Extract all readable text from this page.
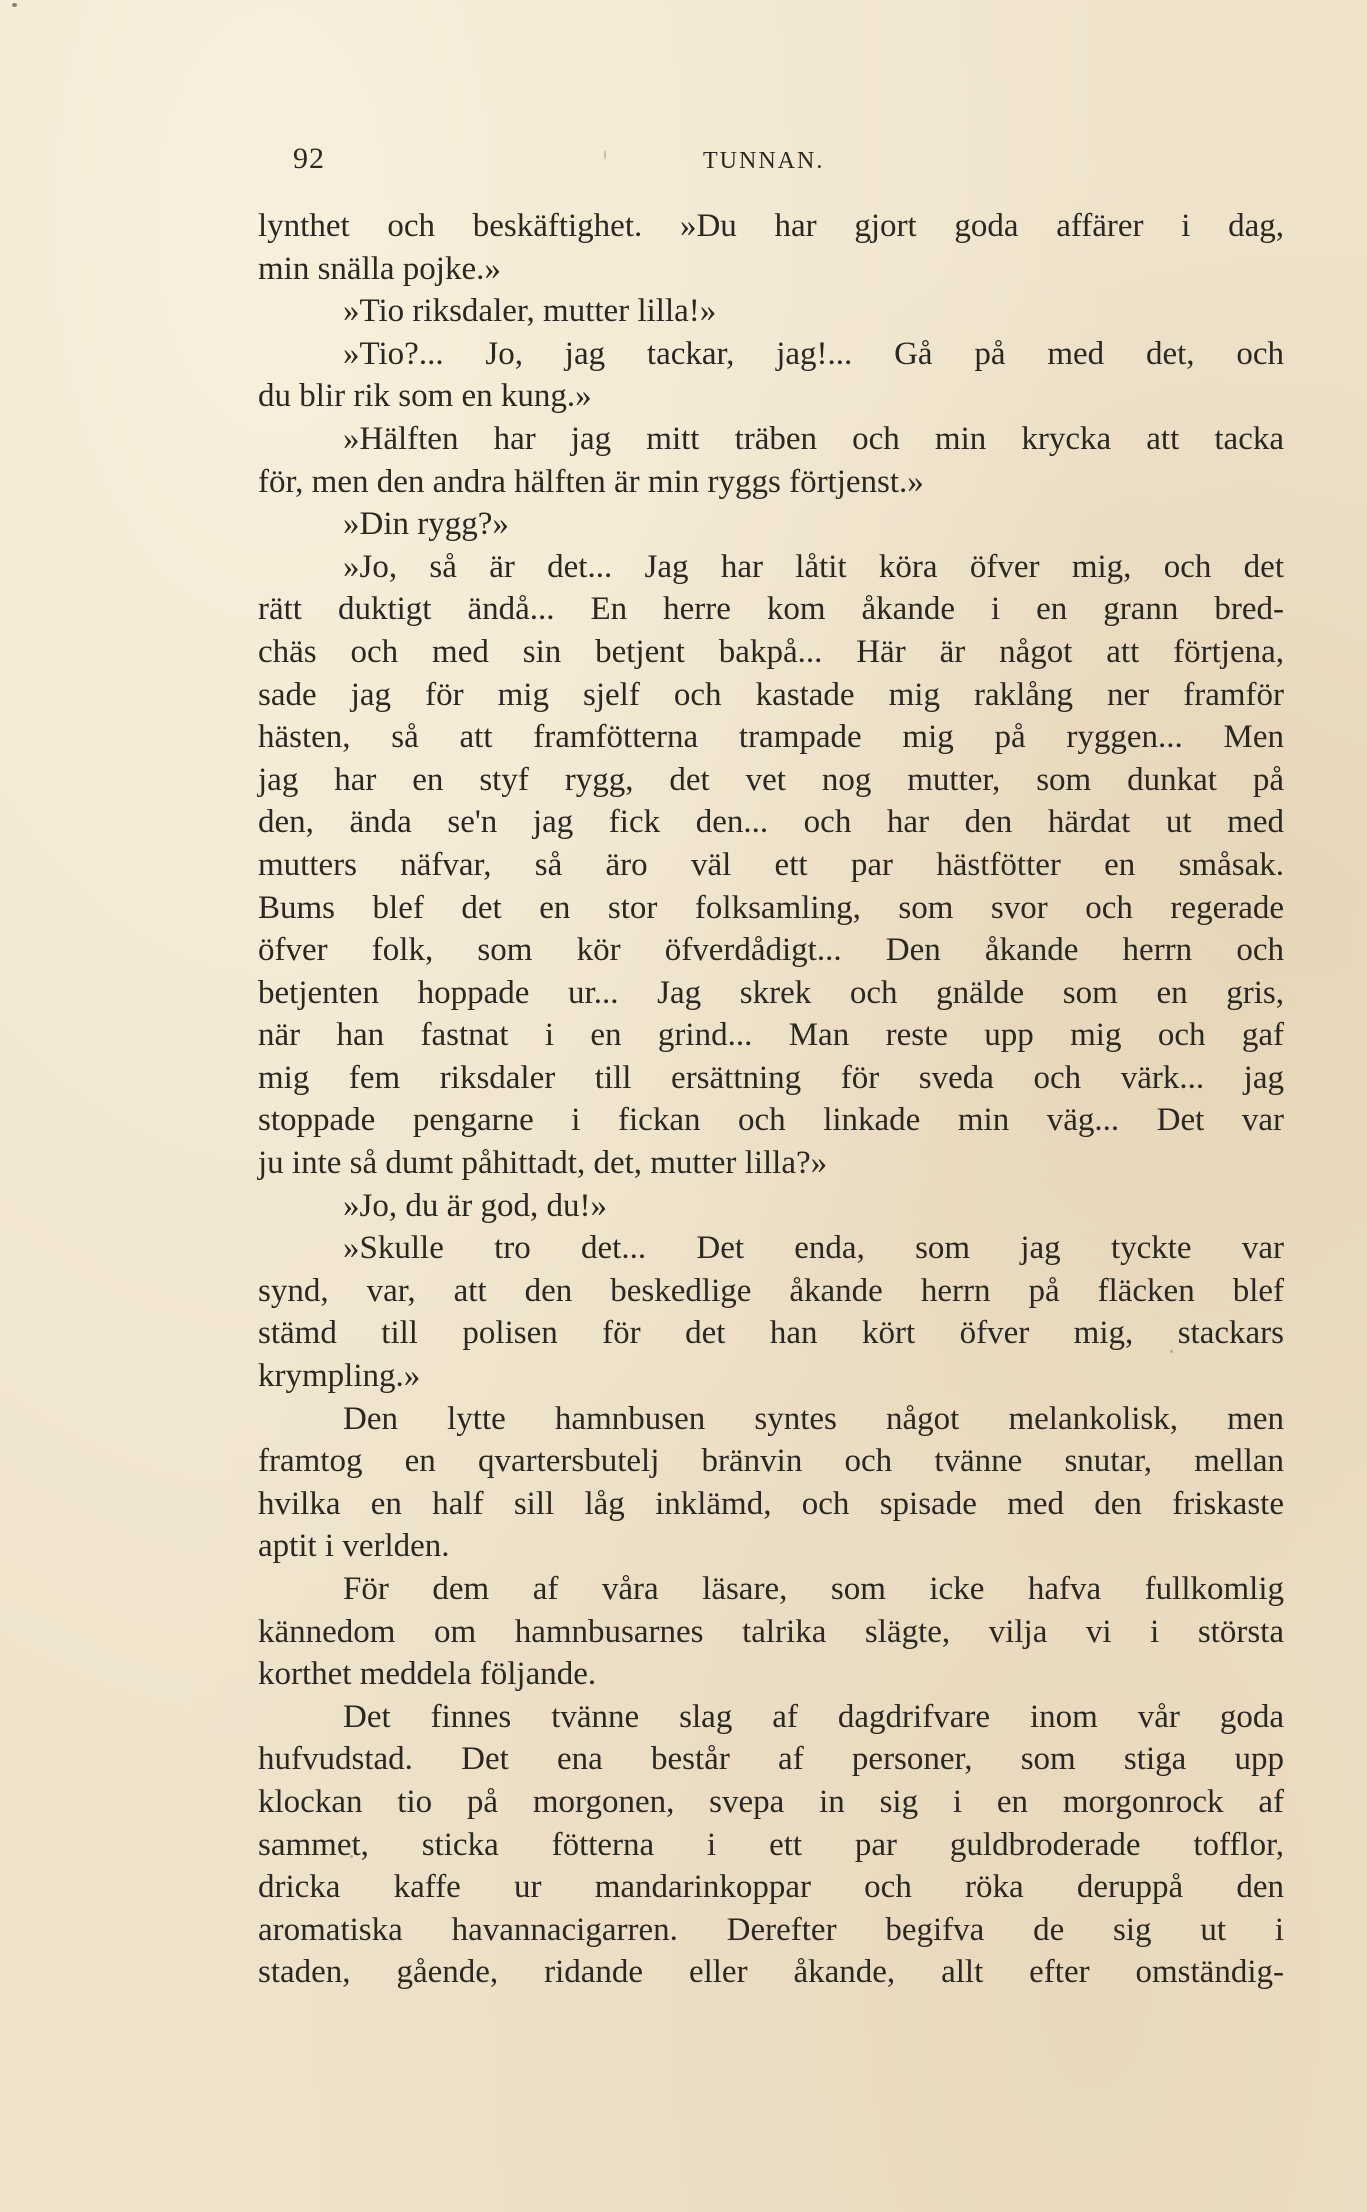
92	TUNNAN.
lynthet och beskäftighet. »Du har gjort goda affärer i dag,
min snälla pojke.»
»Tio riksdaler, mutter lilla!»
»Tio?... Jo, jag tackar, jag!... Gå på med det, och
du blir rik som en kung.»
»Hälften har jag mitt träben och min krycka att tacka
för, men den andra hälften är min ryggs förtjenst.»
»Din rygg?»
»Jo, så är det... Jag har låtit köra öfver mig, och det
rätt duktigt ändå... En herre kom åkande i en grann bred-
chäs och med sin betjent bakpå... Här är något att förtjena,
sade jag för mig sjelf och kastade mig raklång ner framför
hästen, så att framfötterna trampade mig på ryggen... Men
jag har en styf rygg, det vet nog mutter, som dunkat på
den, ända se'n jag fick den... och har den härdat ut med
mutters näfvar, så äro väl ett par hästfötter en småsak.
Bums blef det en stor folksamling, som svor och regerade
öfver folk, som kör öfverdådigt... Den åkande herrn och
betjenten hoppade ur... Jag skrek och gnälde som en gris,
när han fastnat i en grind... Man reste upp mig och gaf
mig fem riksdaler till ersättning för sveda och värk... jag
stoppade pengarne i fickan och linkade min väg... Det var
ju inte så dumt påhittadt, det, mutter lilla?»
»Jo, du är god, du!»
»Skulle tro det... Det enda, som jag tyckte var
synd, var, att den beskedlige åkande herrn på fläcken blef
stämd till polisen för det han kört öfver mig, stackars
krympling.»
Den lytte hamnbusen syntes något melankolisk, men
framtog en qvartersbutelj bränvin och tvänne snutar, mellan
hvilka en half sill låg inklämd, och spisade med den friskaste
aptit i verlden.
För dem af våra läsare, som icke hafva fullkomlig
kännedom om hamnbusarnes talrika slägte, vilja vi i största
korthet meddela följande.
Det finnes tvänne slag af dagdrifvare inom vår goda
hufvudstad. Det ena består af personer, som stiga upp
klockan tio på morgonen, svepa in sig i en morgonrock af
sammet, sticka fötterna i ett par guldbroderade tofflor,
dricka kaffe ur mandarinkoppar och röka deruppå den
aromatiska havannacigarren. Derefter begifva de sig ut i
staden, gående, ridande eller åkande, allt efter omständig-
